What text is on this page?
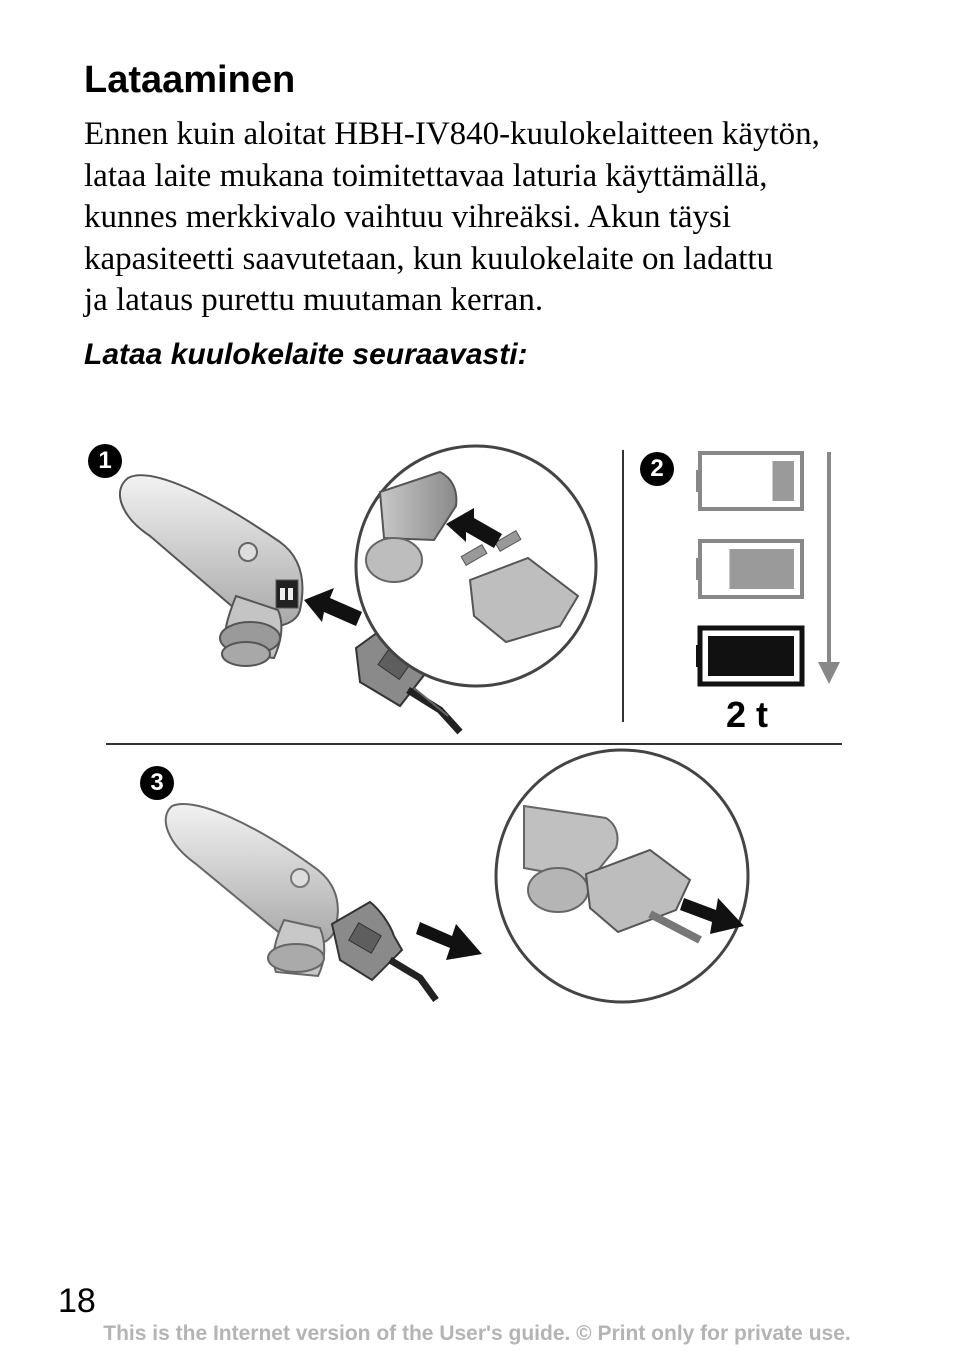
Lataaminen

Ennen kuin aloitat HBH-IV840-kuulokelaitteen käytön,
lataa laite mukana toimitettavaa laturia käyttämällä,
kunnes merkkivalo vaihtuu vihreäksi. Akun täysi
kapasiteetti saavutetaan, kun kuulokelaite on ladattu
ja lataus purettu muutaman kerran.

Lataa kuulokelaite seuraavasti:
1	2
3
2 t
18
This is the Internet version of the User's guide. © Print only for private use.
